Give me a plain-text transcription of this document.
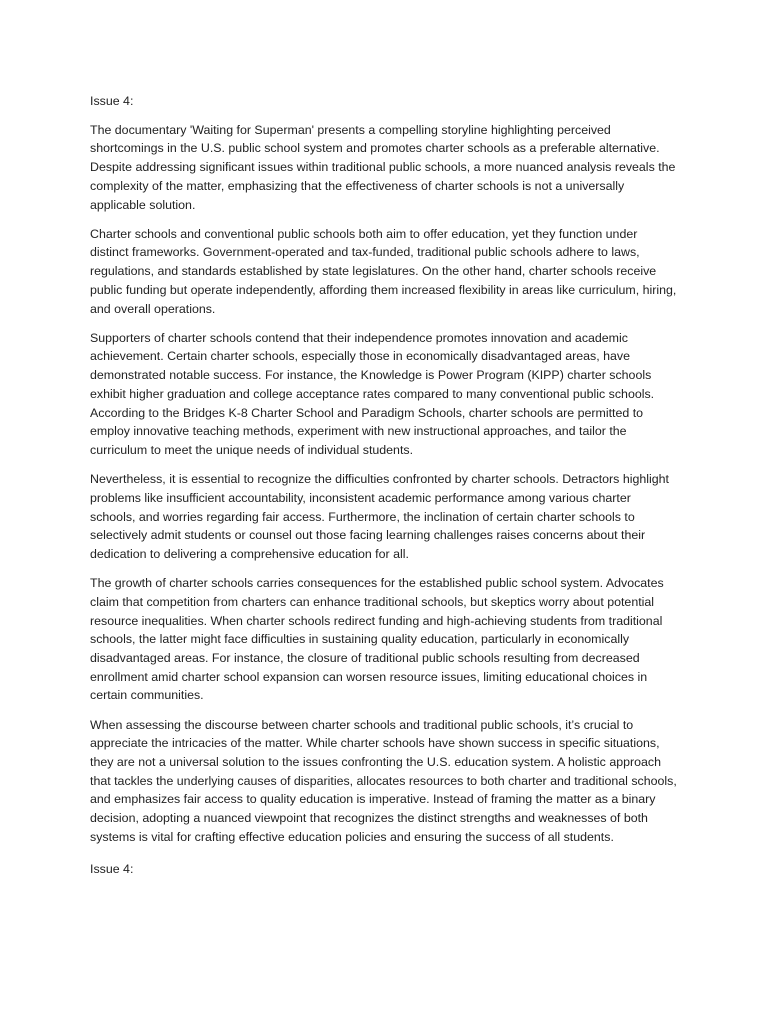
Issue 4:

The documentary 'Waiting for Superman' presents a compelling storyline highlighting perceived shortcomings in the U.S. public school system and promotes charter schools as a preferable alternative. Despite addressing significant issues within traditional public schools, a more nuanced analysis reveals the complexity of the matter, emphasizing that the effectiveness of charter schools is not a universally applicable solution.

Charter schools and conventional public schools both aim to offer education, yet they function under distinct frameworks. Government-operated and tax-funded, traditional public schools adhere to laws, regulations, and standards established by state legislatures. On the other hand, charter schools receive public funding but operate independently, affording them increased flexibility in areas like curriculum, hiring, and overall operations.

Supporters of charter schools contend that their independence promotes innovation and academic achievement. Certain charter schools, especially those in economically disadvantaged areas, have demonstrated notable success. For instance, the Knowledge is Power Program (KIPP) charter schools exhibit higher graduation and college acceptance rates compared to many conventional public schools. According to the Bridges K-8 Charter School and Paradigm Schools, charter schools are permitted to employ innovative teaching methods, experiment with new instructional approaches, and tailor the curriculum to meet the unique needs of individual students.

Nevertheless, it is essential to recognize the difficulties confronted by charter schools. Detractors highlight problems like insufficient accountability, inconsistent academic performance among various charter schools, and worries regarding fair access. Furthermore, the inclination of certain charter schools to selectively admit students or counsel out those facing learning challenges raises concerns about their dedication to delivering a comprehensive education for all.

The growth of charter schools carries consequences for the established public school system. Advocates claim that competition from charters can enhance traditional schools, but skeptics worry about potential resource inequalities. When charter schools redirect funding and high-achieving students from traditional schools, the latter might face difficulties in sustaining quality education, particularly in economically disadvantaged areas. For instance, the closure of traditional public schools resulting from decreased enrollment amid charter school expansion can worsen resource issues, limiting educational choices in certain communities.

When assessing the discourse between charter schools and traditional public schools, it’s crucial to appreciate the intricacies of the matter. While charter schools have shown success in specific situations, they are not a universal solution to the issues confronting the U.S. education system. A holistic approach that tackles the underlying causes of disparities, allocates resources to both charter and traditional schools, and emphasizes fair access to quality education is imperative. Instead of framing the matter as a binary decision, adopting a nuanced viewpoint that recognizes the distinct strengths and weaknesses of both systems is vital for crafting effective education policies and ensuring the success of all students.

Issue 4:
